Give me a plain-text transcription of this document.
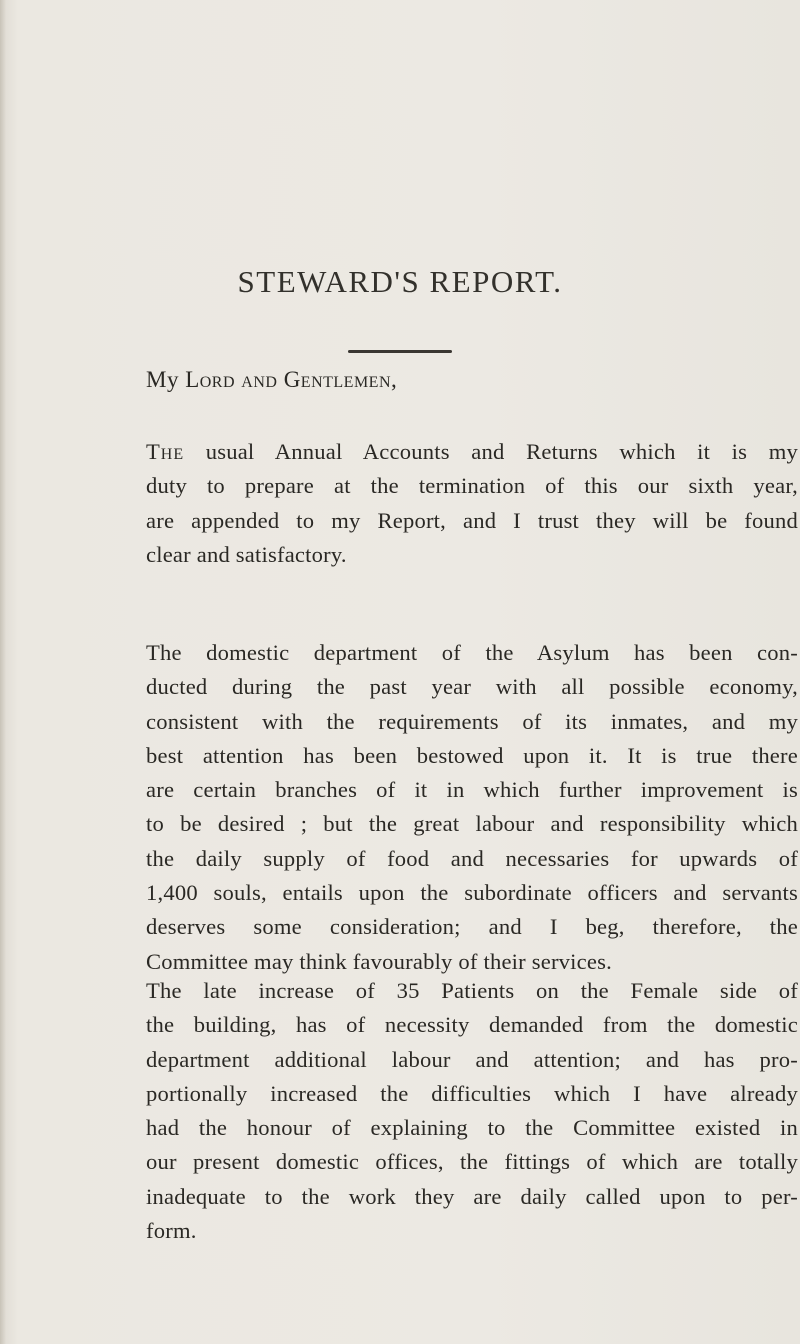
STEWARD'S REPORT.
My Lord and Gentlemen,
The usual Annual Accounts and Returns which it is my
duty to prepare at the termination of this our sixth year,
are appended to my Report, and I trust they will be found
clear and satisfactory.
The domestic department of the Asylum has been con-
ducted during the past year with all possible economy,
consistent with the requirements of its inmates, and my
best attention has been bestowed upon it. It is true there
are certain branches of it in which further improvement is
to be desired ; but the great labour and responsibility which
the daily supply of food and necessaries for upwards of
1,400 souls, entails upon the subordinate officers and servants
deserves some consideration; and I beg, therefore, the
Committee may think favourably of their services.
The late increase of 35 Patients on the Female side of
the building, has of necessity demanded from the domestic
department additional labour and attention; and has pro-
portionally increased the difficulties which I have already
had the honour of explaining to the Committee existed in
our present domestic offices, the fittings of which are totally
inadequate to the work they are daily called upon to per-
form.
